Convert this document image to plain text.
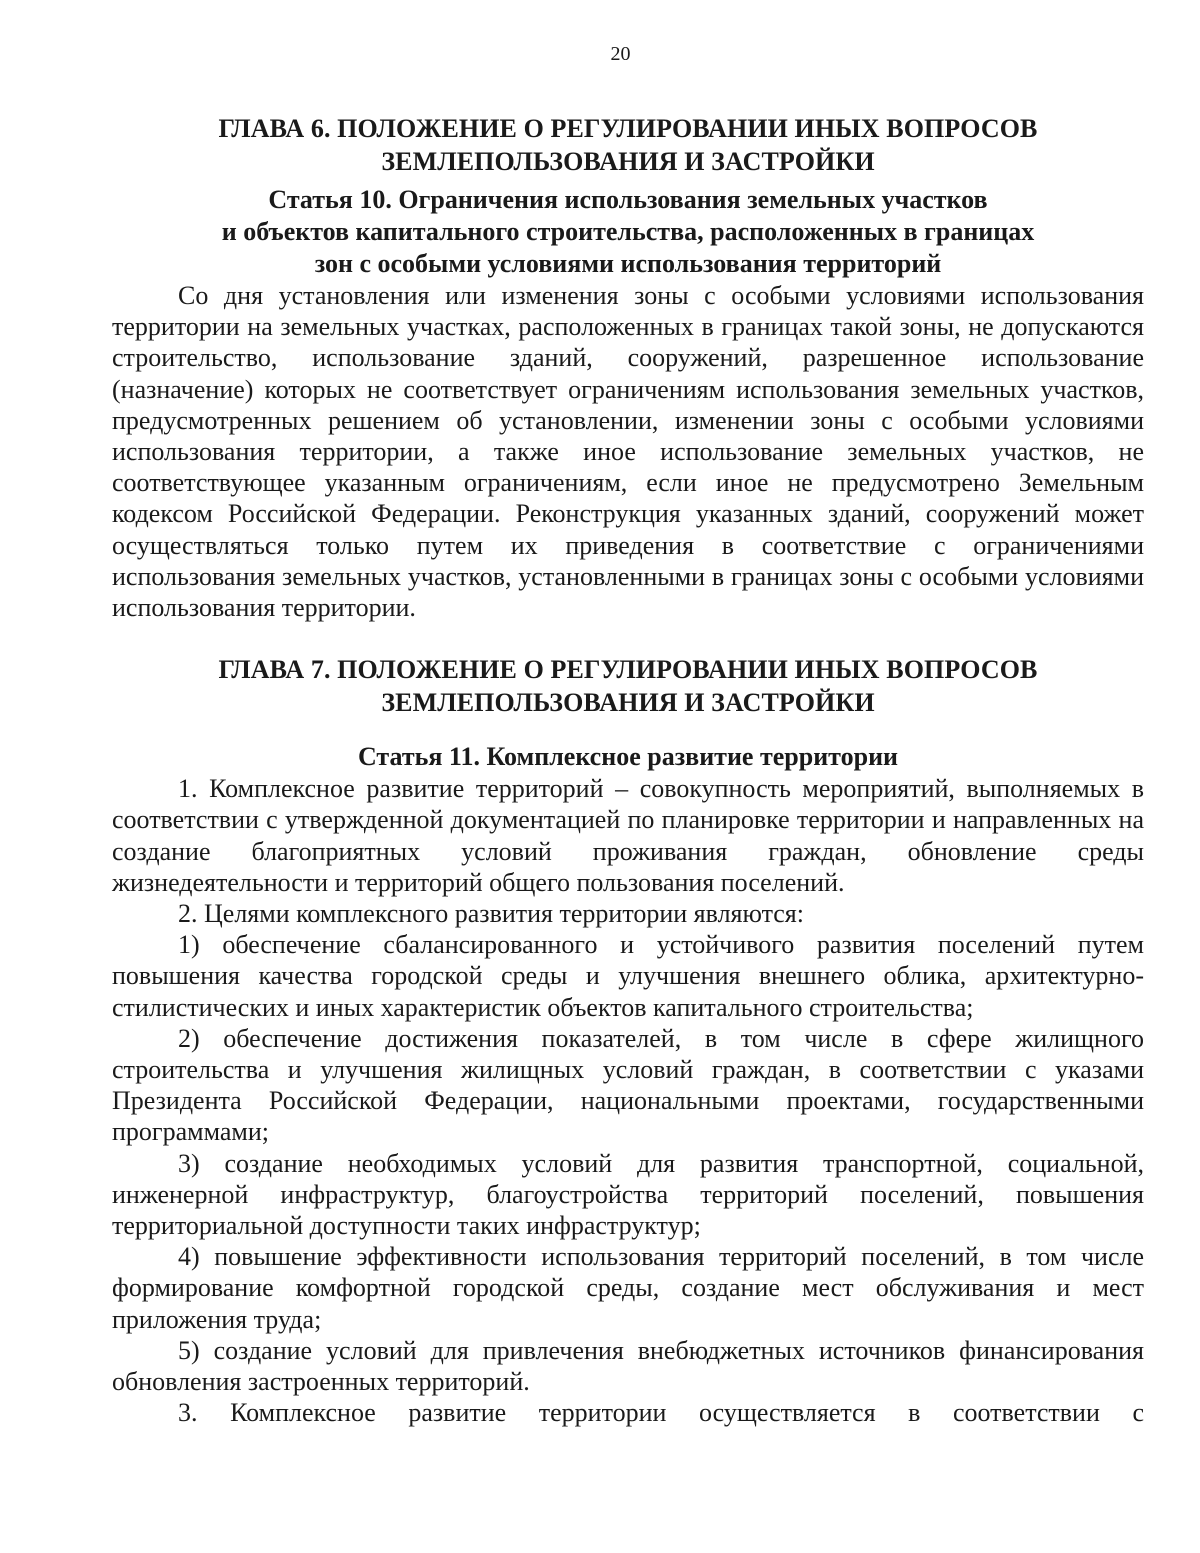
20
ГЛАВА 6. ПОЛОЖЕНИЕ О РЕГУЛИРОВАНИИ ИНЫХ ВОПРОСОВ
ЗЕМЛЕПОЛЬЗОВАНИЯ И ЗАСТРОЙКИ
Статья 10. Ограничения использования земельных участков
и объектов капитального строительства, расположенных в границах
зон с особыми условиями использования территорий

Со дня установления или изменения зоны с особыми условиями использования территории на земельных участках, расположенных в границах такой зоны, не допускаются строительство, использование зданий, сооружений, разрешенное использование (назначение) которых не соответствует ограничениям использования земельных участков, предусмотренных решением об установлении, изменении зоны с особыми условиями использования территории, а также иное использование земельных участков, не соответствующее указанным ограничениям, если иное не предусмотрено Земельным кодексом Российской Федерации. Реконструкция указанных зданий, сооружений может осуществляться только путем их приведения в соответствие с ограничениями использования земельных участков, установленными в границах зоны с особыми условиями использования территории.

ГЛАВА 7. ПОЛОЖЕНИЕ О РЕГУЛИРОВАНИИ ИНЫХ ВОПРОСОВ
ЗЕМЛЕПОЛЬЗОВАНИЯ И ЗАСТРОЙКИ
Статья 11. Комплексное развитие территории

1. Комплексное развитие территорий – совокупность мероприятий, выполняемых в соответствии с утвержденной документацией по планировке территории и направленных на создание благоприятных условий проживания граждан, обновление среды жизнедеятельности и территорий общего пользования поселений.

2. Целями комплексного развития территории являются:

1) обеспечение сбалансированного и устойчивого развития поселений путем повышения качества городской среды и улучшения внешнего облика, архитектурно-стилистических и иных характеристик объектов капитального строительства;

2) обеспечение достижения показателей, в том числе в сфере жилищного строительства и улучшения жилищных условий граждан, в соответствии с указами Президента Российской Федерации, национальными проектами, государственными программами;

3) создание необходимых условий для развития транспортной, социальной, инженерной инфраструктур, благоустройства территорий поселений, повышения территориальной доступности таких инфраструктур;

4) повышение эффективности использования территорий поселений, в том числе формирование комфортной городской среды, создание мест обслуживания и мест приложения труда;

5) создание условий для привлечения внебюджетных источников финансирования обновления застроенных территорий.

3. Комплексное развитие территории осуществляется в соответствии с
